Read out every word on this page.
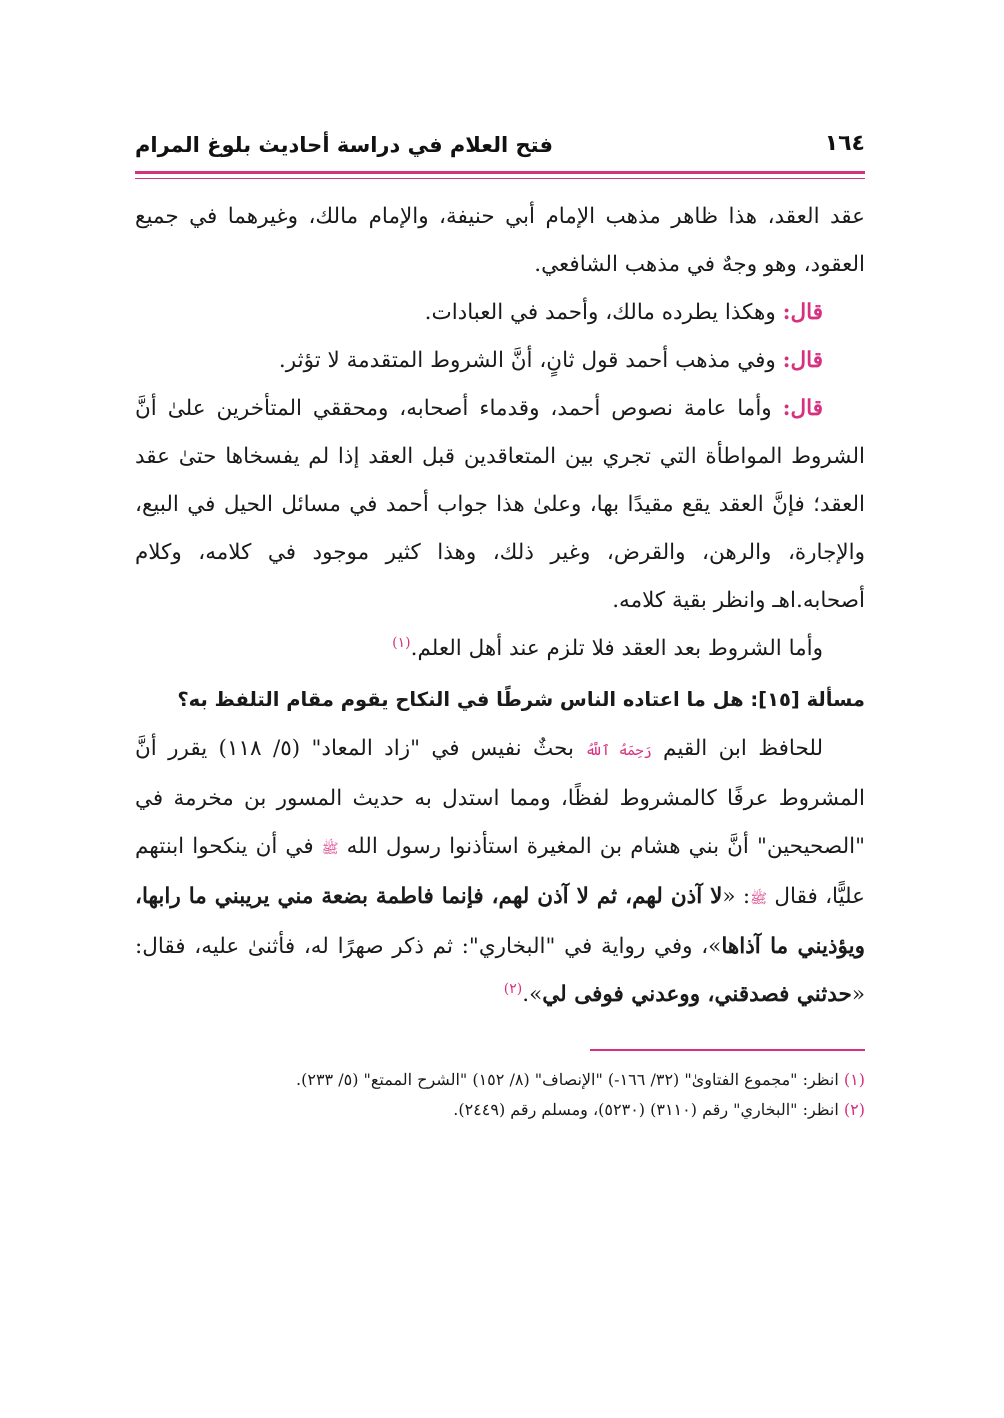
١٦٤
فتح العلام في دراسة أحاديث بلوغ المرام

عقد العقد، هذا ظاهر مذهب الإمام أبي حنيفة، والإمام مالك، وغيرهما في جميع العقود، وهو وجهٌ في مذهب الشافعي.

قال: وهكذا يطرده مالك، وأحمد في العبادات.

قال: وفي مذهب أحمد قول ثانٍ، أنَّ الشروط المتقدمة لا تؤثر.

قال: وأما عامة نصوص أحمد، وقدماء أصحابه، ومحققي المتأخرين علىٰ أنَّ الشروط المواطأة التي تجري بين المتعاقدين قبل العقد إذا لم يفسخاها حتىٰ عقد العقد؛ فإنَّ العقد يقع مقيدًا بها، وعلىٰ هذا جواب أحمد في مسائل الحيل في البيع، والإجارة، والرهن، والقرض، وغير ذلك، وهذا كثير موجود في كلامه، وكلام أصحابه.اهـ وانظر بقية كلامه.

وأما الشروط بعد العقد فلا تلزم عند أهل العلم.$^{(١)}$

مسألة [١٥]: هل ما اعتاده الناس شرطًا في النكاح يقوم مقام التلفظ به؟

للحافظ ابن القيم رَحِمَهُ ٱللَّهُ بحثٌ نفيس في "زاد المعاد" (٥/ ١١٨) يقرر أنَّ المشروط عرفًا كالمشروط لفظًا، ومما استدل به حديث المسور بن مخرمة في "الصحيحين" أنَّ بني هشام بن المغيرة استأذنوا رسول الله ﷺ في أن ينكحوا ابنتهم عليًّا، فقال ﷺ: «لا آذن لهم، ثم لا آذن لهم، فإنما فاطمة بضعة مني يريبني ما رابها، ويؤذيني ما آذاها»، وفي رواية في "البخاري": ثم ذكر صهرًا له، فأثنىٰ عليه، فقال: «حدثني فصدقني، ووعدني فوفى لي».$^{(٢)}$

(١) انظر: "مجموع الفتاوىٰ" (٣٢/ ١٦٦-) "الإنصاف" (٨/ ١٥٢) "الشرح الممتع" (٥/ ٢٣٣).

(٢) انظر: "البخاري" رقم (٣١١٠) (٥٢٣٠)، ومسلم رقم (٢٤٤٩).
